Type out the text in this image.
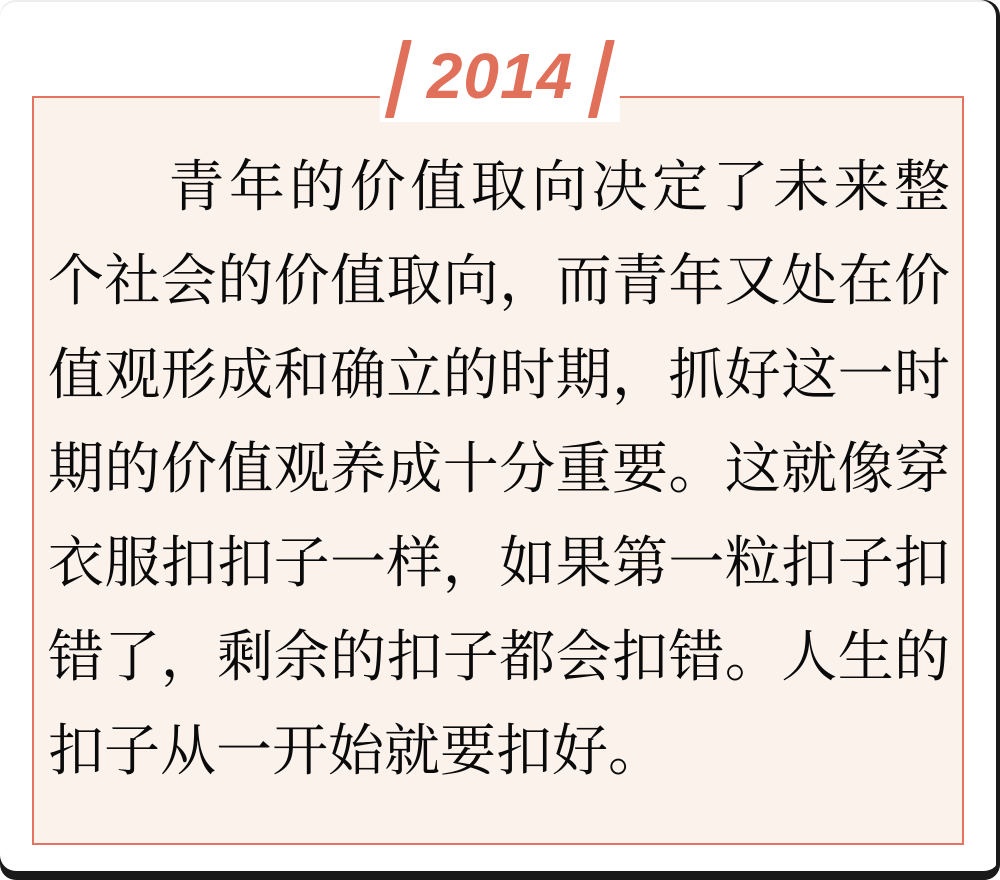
2014

青年的价值取向决定了未来整个社会的价值取向，而青年又处在价值观形成和确立的时期，抓好这一时期的价值观养成十分重要。这就像穿衣服扣扣子一样，如果第一粒扣子扣错了，剩余的扣子都会扣错。人生的扣子从一开始就要扣好。
